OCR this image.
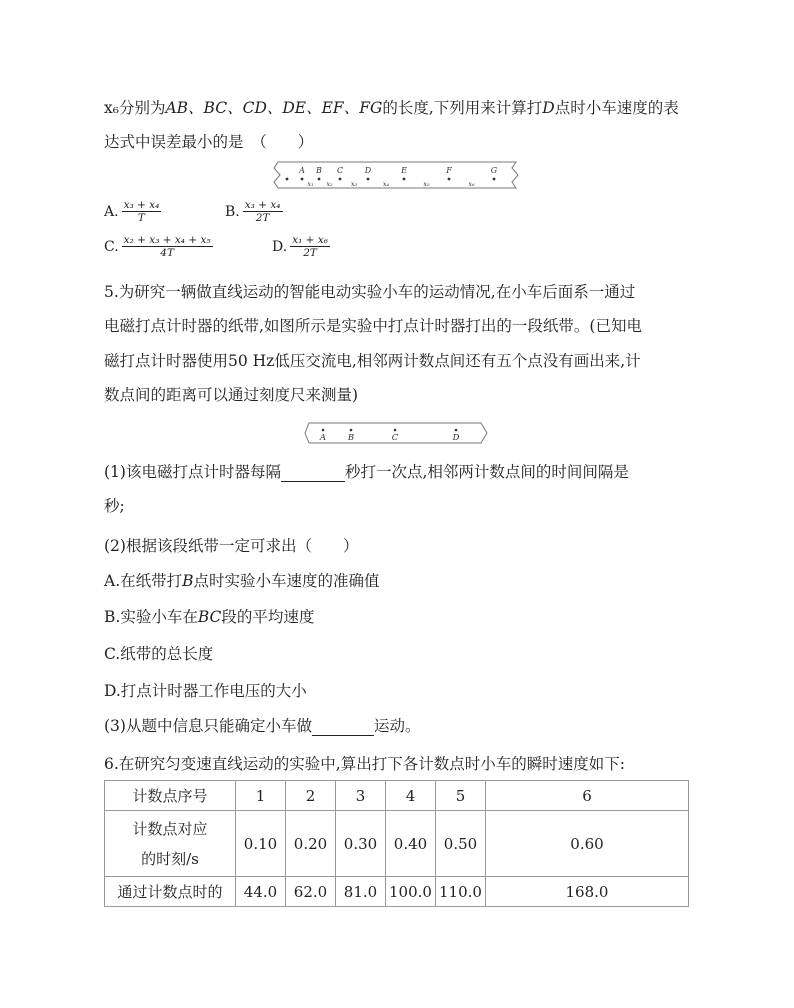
x₆分别为AB、BC、CD、DE、EF、FG的长度,下列用来计算打D点时小车速度的表
达式中误差最小的是　（　　）
A B C	D	E	F	G
x₁ x₂	x₃	x₄	x₅	x₆
A. $\frac{\text{x₃ + x₄}}{T}$	B. $\frac{\text{x₃ + x₄}}{2T}$
C. $\frac{\text{x₂ + x₃ + x₄ + x₅}}{4T}$	D. $\frac{\text{x₁ + x₆}}{2T}$
5.为研究一辆做直线运动的智能电动实验小车的运动情况,在小车后面系一通过
电磁打点计时器的纸带,如图所示是实验中打点计时器打出的一段纸带。(已知电
磁打点计时器使用50 Hz低压交流电,相邻两计数点间还有五个点没有画出来,计
数点间的距离可以通过刻度尺来测量)
A	B	C	D
(1)该电磁打点计时器每隔	秒打一次点,相邻两计数点间的时间间隔是
秒;
(2)根据该段纸带一定可求出（　　）
A.在纸带打B点时实验小车速度的准确值
B.实验小车在BC段的平均速度
C.纸带的总长度
D.打点计时器工作电压的大小
(3)从题中信息只能确定小车做	运动。
6.在研究匀变速直线运动的实验中,算出打下各计数点时小车的瞬时速度如下:
计数点序号	1	2	3	4	5	6

计数点对应
的时刻/s	0.10	0.20	0.30	0.40	0.50	0.60
通过计数点时的	44.0	62.0	81.0	100.0	110.0	168.0
